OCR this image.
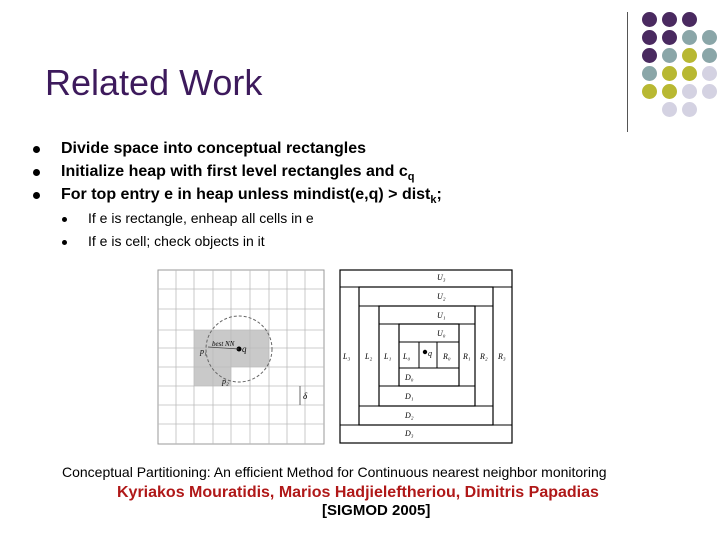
Related Work
Divide space into conceptual rectangles
Initialize heap with first level rectangles and $c_q$
For top entry e in heap unless mindist(e,q) > dist$_k$;
If e is rectangle, enheap all cells in e
If e is cell; check objects in it
best NN q
p₁
p₂
δ
U₃
U₂
U₁
U₀
L₃ L₂ L₁ L₀	R₀ R₁ R₂ R₃
D₀
D₁
D₂
D₃
q
Conceptual Partitioning: An efficient Method for Continuous nearest neighbor monitoring
Kyriakos Mouratidis, Marios Hadjieleftheriou, Dimitris Papadias
[SIGMOD 2005]
